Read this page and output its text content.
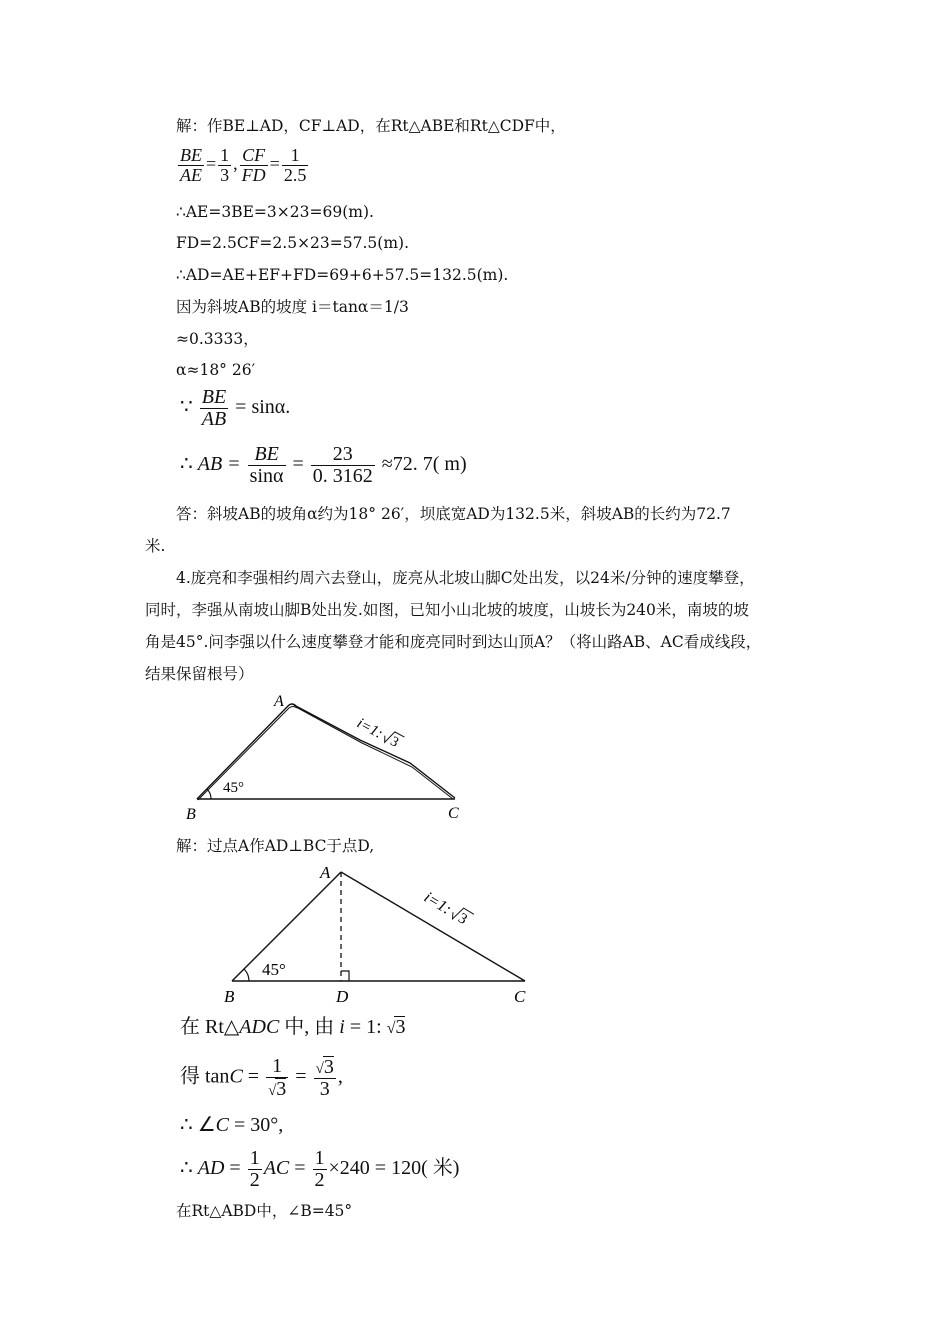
解：作BE⊥AD，CF⊥AD，在Rt△ABE和Rt△CDF中，
$\frac{BE}{AE} = \frac{1}{3}$ , $\frac{CF}{FD} = \frac{1}{2.5}$
∴AE=3BE=3×23=69(m).
FD=2.5CF=2.5×23=57.5(m).
∴AD=AE+EF+FD=69+6+57.5=132.5(m).
因为斜坡AB的坡度 i＝tanα＝1/3
≈0.3333，
α≈18° 26′
∵ $\frac{BE}{AB} = \sin\alpha$.
∴ AB = $\frac{BE}{\sin\alpha} = \frac{23}{0. 3162} \approx 72$. 7( m)
答：斜坡AB的坡角α约为18° 26′，坝底宽AD为132.5米，斜坡AB的长约为72.7
米.
4.庞亮和李强相约周六去登山，庞亮从北坡山脚C处出发，以24米/分钟的速度攀登，
同时，李强从南坡山脚B处出发.如图，已知小山北坡的坡度，山坡长为240米，南坡的坡
角是45°.问李强以什么速度攀登才能和庞亮同时到达山顶A？（将山路AB、AC看成线段，
结果保留根号）
A
B	C
45°
i=1:
3
解：过点A作AD⊥BC于点D,
A
B	D	C
45°
i=1:
3
在 Rt△ADC 中, 由 i = 1: √3
得 $\tan C = \frac{1}{√3} = \frac{√3}{3}$ ,
∴ ∠C = 30°,
∴ AD = $\frac{1}{2}$ AC = $\frac{1}{2} \times 240 = 120$( 米)
在Rt△ABD中，∠B=45°
